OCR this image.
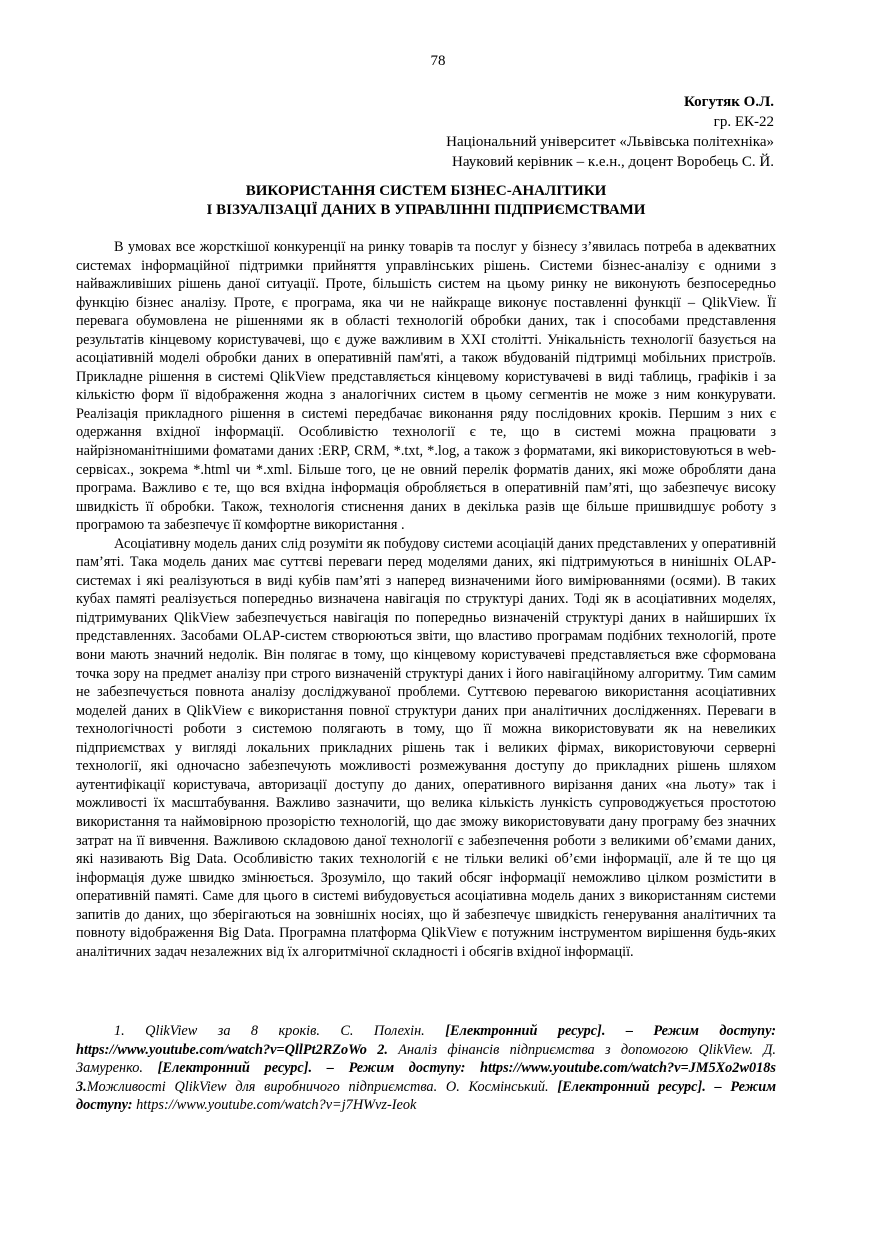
78
Когутяк О.Л.
гр. ЕК-22
Національний університет «Львівська політехніка»
Науковий керівник – к.е.н., доцент Воробець С. Й.
ВИКОРИСТАННЯ СИСТЕМ БІЗНЕС-АНАЛІТИКИ
І ВІЗУАЛІЗАЦІЇ ДАНИХ В УПРАВЛІННІ ПІДПРИЄМСТВАМИ

В умовах все жорсткішої конкуренції на ринку товарів та послуг у бізнесу з’явилась потреба в адекватних системах інформаційної підтримки прийняття управлінських рішень. Системи бізнес-аналізу є одними з найважливіших рішень даної ситуації. Проте, більшість систем на цьому ринку не виконують безпосередньо функцію бізнес аналізу. Проте, є програма, яка чи не найкраще виконує поставленні функції – QlikView. Її перевага обумовлена не рішеннями як в області технологій обробки даних, так і способами представлення результатів кінцевому користувачеві, що є дуже важливим в XXI столітті. Унікальність технології базується на асоціативній моделі обробки даних в оперативній пам'яті, а також вбудованій підтримці мобільних пристроїв. Прикладне рішення в системі QlikView представляється кінцевому користувачеві в виді таблиць, графіків і за кількістю форм її відображення жодна з аналогічних систем в цьому сегментів не може з ним конкурувати. Реалізація прикладного рішення в системі передбачає виконання ряду послідовних кроків. Першим з них є одержання вхідної інформації. Особливістю технології є те, що в системі можна працювати з найрізноманітнішими фоматами даних :ERP, CRM, *.txt, *.log, а також з форматами, які використовуються в web-сервісах., зокрема *.html чи *.xml. Більше того, це не овний перелік форматів даних, які може обробляти дана програма. Важливо є те, що вся вхідна інформація обробляється в оперативній пам’яті, що забезпечує високу швидкість її обробки. Також, технологія стиснення даних в декілька разів ще більше пришвидшує роботу з програмою та забезпечує її комфортне використання .

Асоціативну модель даних слід розуміти як побудову системи асоціацій даних представлених у оперативній пам’яті. Така модель даних має суттєві переваги перед моделями даних, які підтримуються в нинішніх OLAP-системах і які реалізуються в виді кубів пам’яті з наперед визначеними його вимірюваннями (осями). В таких кубах памяті реалізується попередньо визначена навігація по структурі даних. Тоді як в асоціативних моделях, підтримуваних QlikView забезпечується навігація по попередньо визначеній структурі даних в найширших їх представленнях. Засобами OLAP-систем створюються звіти, що властиво програмам подібних технологій, проте вони мають значний недолік. Він полягає в тому, що кінцевому користувачеві представляється вже сформована точка зору на предмет аналізу при строго визначеній структурі даних і його навігаційному алгоритму. Тим самим не забезпечується повнота аналізу досліджуваної проблеми. Суттєвою перевагою використання асоціативних моделей даних в QlikView є використання повної структури даних при аналітичних дослідженнях. Переваги в технологічності роботи з системою полягають в тому, що її можна використовувати як на невеликих підприємствах у вигляді локальних прикладних рішень так і великих фірмах, використовуючи серверні технології, які одночасно забезпечують можливості розмежування доступу до прикладних рішень шляхом аутентифікації користувача, авторизації доступу до даних, оперативного вирізання даних «на льоту» так і можливості їх масштабування. Важливо зазначити, що велика кількість лункість супроводжується простотою використання та наймовірною прозорістю технологій, що дає зможу використовувати дану програму без значних затрат на її вивчення. Важливою складовою даної технології є забезпечення роботи з великими об’ємами даних, які називають Big Data. Особливістю таких технологій є не тільки великі об’єми інформації, але й те що ця інформація дуже швидко змінюється. Зрозуміло, що такий обсяг інформації неможливо цілком розмістити в оперативній памяті. Саме для цього в системі вибудовується асоціативна модель даних з використанням системи запитів до даних, що зберігаються на зовнішніх носіях, що й забезпечує швидкість генерування аналітичних та повноту відображення Big Data. Програмна платформа QlikView є потужним інструментом вирішення будь-яких аналітичних задач незалежних від їх алгоритмічної складності і обсягів вхідної інформації.

1. QlikView за 8 кроків. С. Полехін. [Електронний ресурс]. – Режим доступу: https://www.youtube.com/watch?v=QllPt2RZoWo 2. Аналіз фінансів підприємства з допомогою QlikView. Д. Замуренко. [Електронний ресурс]. – Режим доступу: https://www.youtube.com/watch?v=JM5Xo2w018s 3.Можливості QlikView для виробничого підприємства. О. Космінський. [Електронний ресурс]. – Режим доступу: https://www.youtube.com/watch?v=j7HWvz-Ieok
